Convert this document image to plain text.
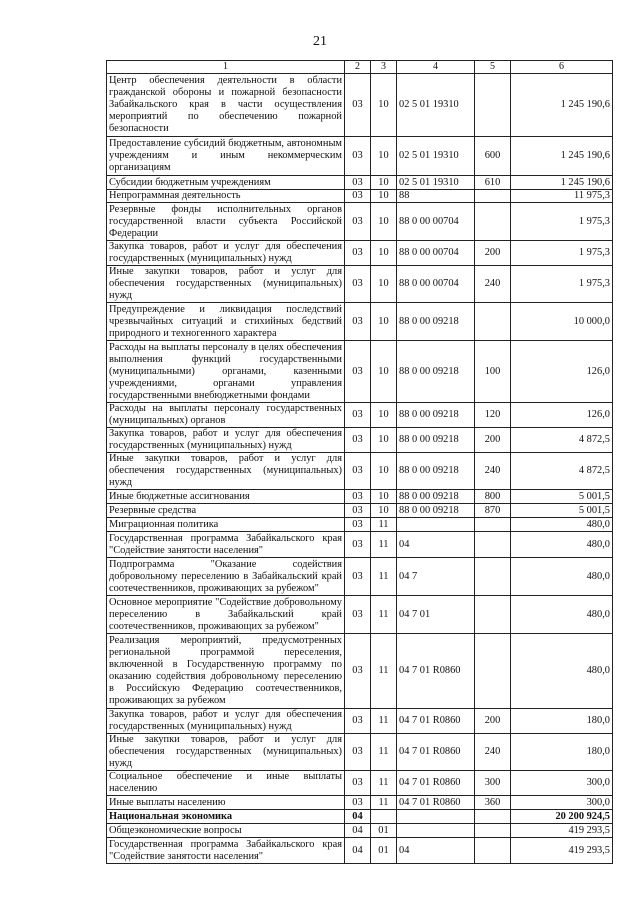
21
1	2	3	4	5	6
Центр обеспечения деятельности в области гражданской обороны и пожарной безопасности Забайкальского края в части осуществления мероприятий по обеспечению пожарной безопасности	03	10	02 5 01 19310		1 245 190,6
Предоставление субсидий бюджетным, автономным учреждениям и иным некоммерческим организациям	03	10	02 5 01 19310	600	1 245 190,6
Субсидии бюджетным учреждениям	03	10	02 5 01 19310	610	1 245 190,6
Непрограммная деятельность	03	10	88		11 975,3
Резервные фонды исполнительных органов государственной власти субъекта Российской Федерации	03	10	88 0 00 00704		1 975,3
Закупка товаров, работ и услуг для обеспечения государственных (муниципальных) нужд	03	10	88 0 00 00704	200	1 975,3
Иные закупки товаров, работ и услуг для обеспечения государственных (муниципальных) нужд	03	10	88 0 00 00704	240	1 975,3
Предупреждение и ликвидация последствий чрезвычайных ситуаций и стихийных бедствий природного и техногенного характера	03	10	88 0 00 09218		10 000,0
Расходы на выплаты персоналу в целях обеспечения выполнения функций государственными (муниципальными) органами, казенными учреждениями, органами управления государственными внебюджетными фондами	03	10	88 0 00 09218	100	126,0
Расходы на выплаты персоналу государственных (муниципальных) органов	03	10	88 0 00 09218	120	126,0
Закупка товаров, работ и услуг для обеспечения государственных (муниципальных) нужд	03	10	88 0 00 09218	200	4 872,5
Иные закупки товаров, работ и услуг для обеспечения государственных (муниципальных) нужд	03	10	88 0 00 09218	240	4 872,5
Иные бюджетные ассигнования	03	10	88 0 00 09218	800	5 001,5
Резервные средства	03	10	88 0 00 09218	870	5 001,5
Миграционная политика	03	11			480,0
Государственная программа Забайкальского края "Содействие занятости населения"	03	11	04		480,0
Подпрограмма "Оказание содействия добровольному переселению в Забайкальский край соотечественников, проживающих за рубежом"	03	11	04 7		480,0
Основное мероприятие "Содействие добровольному переселению в Забайкальский край соотечественников, проживающих за рубежом"	03	11	04 7 01		480,0
Реализация мероприятий, предусмотренных региональной программой переселения, включенной в Государственную программу по оказанию содействия добровольному переселению в Российскую Федерацию соотечественников, проживающих за рубежом	03	11	04 7 01 R0860		480,0
Закупка товаров, работ и услуг для обеспечения государственных (муниципальных) нужд	03	11	04 7 01 R0860	200	180,0
Иные закупки товаров, работ и услуг для обеспечения государственных (муниципальных) нужд	03	11	04 7 01 R0860	240	180,0
Социальное обеспечение и иные выплаты населению	03	11	04 7 01 R0860	300	300,0
Иные выплаты населению	03	11	04 7 01 R0860	360	300,0
Национальная экономика	04				20 200 924,5
Общеэкономические вопросы	04	01			419 293,5
Государственная программа Забайкальского края "Содействие занятости населения"	04	01	04		419 293,5
